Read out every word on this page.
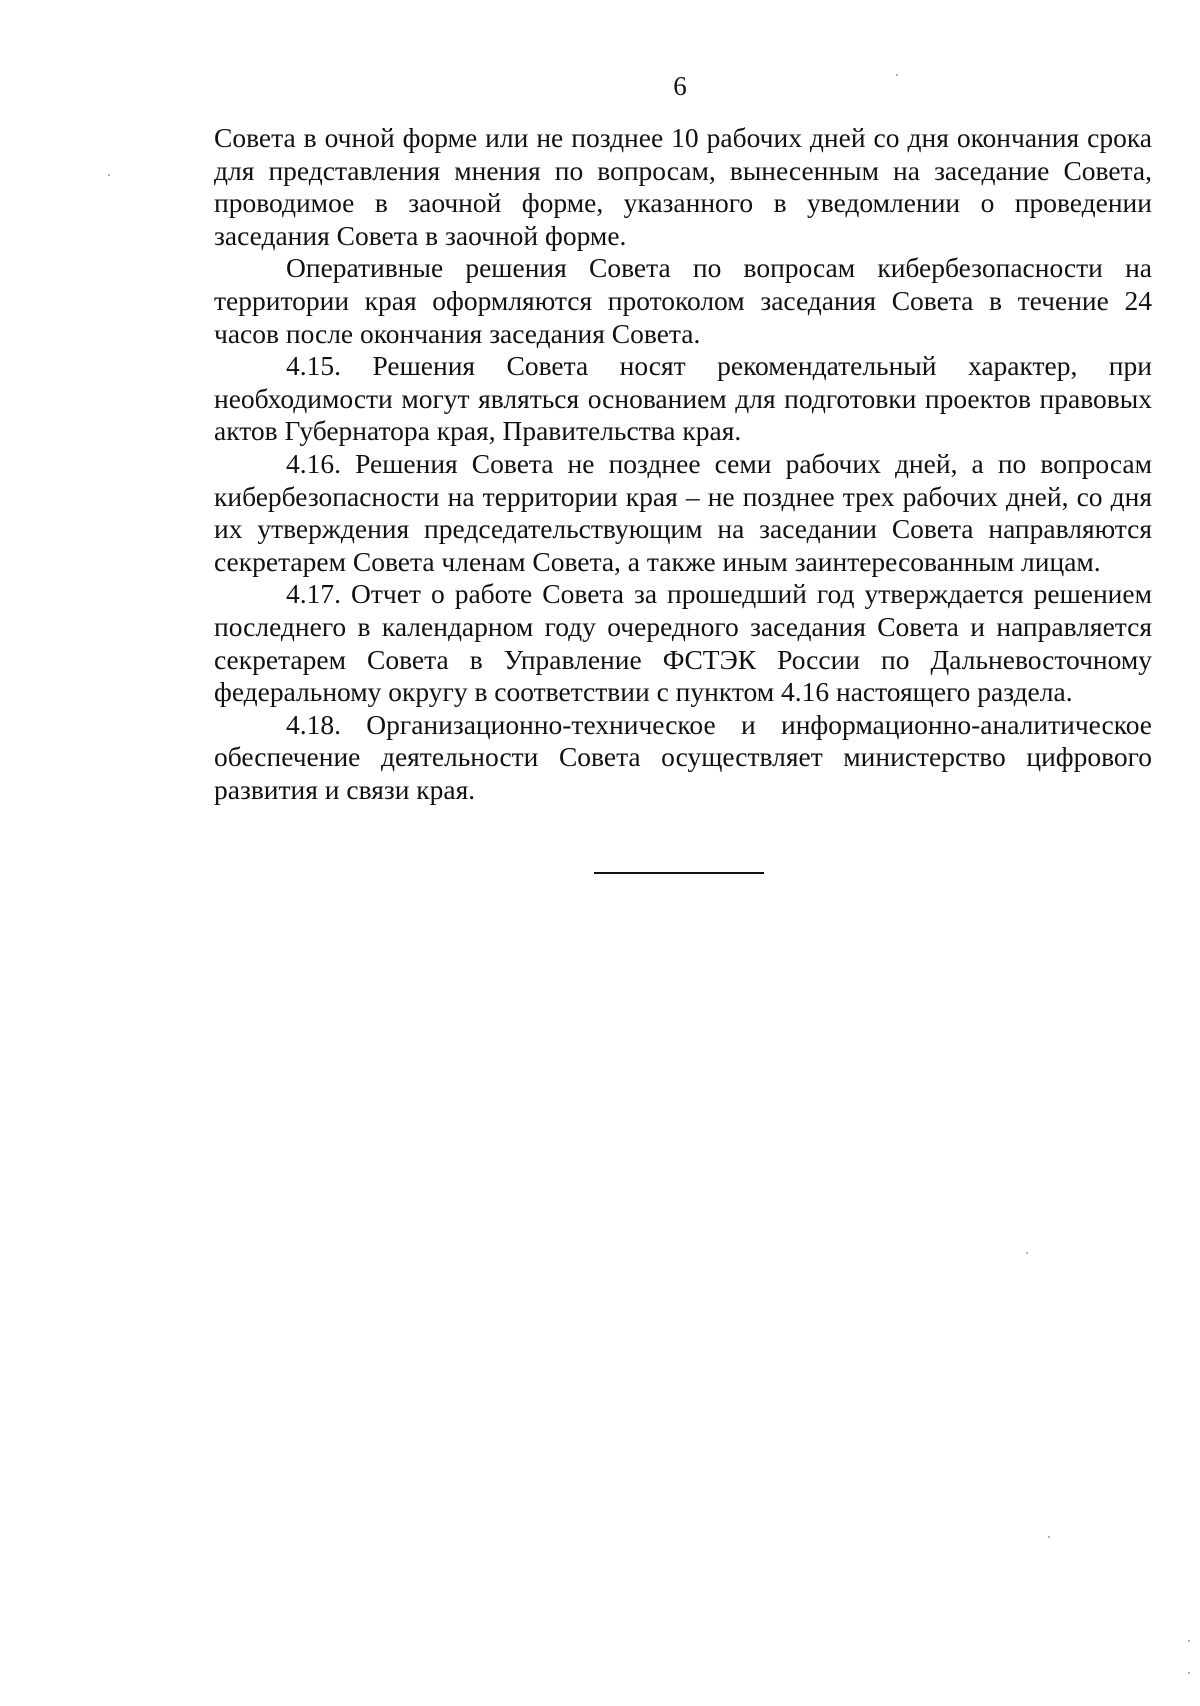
6

Совета в очной форме или не позднее 10 рабочих дней со дня окончания срока для представления мнения по вопросам, вынесенным на заседание Совета, проводимое в заочной форме, указанного в уведомлении о проведении заседания Совета в заочной форме.

Оперативные решения Совета по вопросам кибербезопасности на территории края оформляются протоколом заседания Совета в течение 24 часов после окончания заседания Совета.

4.15. Решения Совета носят рекомендательный характер, при необходимости могут являться основанием для подготовки проектов правовых актов Губернатора края, Правительства края.

4.16. Решения Совета не позднее семи рабочих дней, а по вопросам кибербезопасности на территории края – не позднее трех рабочих дней, со дня их утверждения председательствующим на заседании Совета направляются секретарем Совета членам Совета, а также иным заинтересованным лицам.

4.17. Отчет о работе Совета за прошедший год утверждается решением последнего в календарном году очередного заседания Совета и направляется секретарем Совета в Управление ФСТЭК России по Дальневосточному федеральному округу в соответствии с пунктом 4.16 настоящего раздела.

4.18. Организационно-техническое и информационно-аналитическое обеспечение деятельности Совета осуществляет министерство цифрового развития и связи края.
